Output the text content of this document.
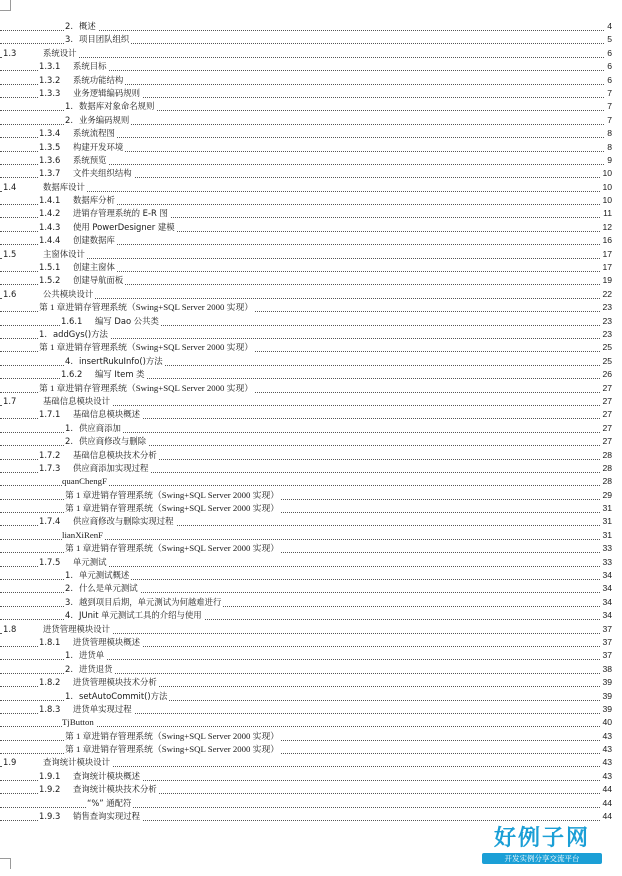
2. 概述	4
3. 项目团队组织	5
1.3	系统设计	6
1.3.1 系统目标	6
1.3.2 系统功能结构	6
1.3.3 业务逻辑编码规则	7
1. 数据库对象命名规则	7
2. 业务编码规则	7
1.3.4 系统流程图	8
1.3.5 构建开发环境	8
1.3.6 系统预览	9
1.3.7 文件夹组织结构	10
1.4	数据库设计	10
1.4.1 数据库分析	10
1.4.2 进销存管理系统的 E-R 图	11
1.4.3 使用 PowerDesigner 建模	12
1.4.4 创建数据库	16
1.5	主窗体设计	17
1.5.1 创建主窗体	17
1.5.2 创建导航面板	19
1.6	公共模块设计	22
第 1 章进销存管理系统（Swing+SQL Server 2000 实现）	23
1.6.1 编写 Dao 公共类	23
1. addGys()方法	23
第 1 章进销存管理系统（Swing+SQL Server 2000 实现）	25
4. insertRukuInfo()方法	25
1.6.2 编写 Item 类	26
第 1 章进销存管理系统（Swing+SQL Server 2000 实现）	27
1.7	基础信息模块设计	27
1.7.1 基础信息模块概述	27
1. 供应商添加	27
2. 供应商修改与删除	27
1.7.2 基础信息模块技术分析	28
1.7.3 供应商添加实现过程	28
quanChengF	28
第 1 章进销存管理系统（Swing+SQL Server 2000 实现）	29
第 1 章进销存管理系统（Swing+SQL Server 2000 实现）	31
1.7.4 供应商修改与删除实现过程	31
lianXiRenF	31
第 1 章进销存管理系统（Swing+SQL Server 2000 实现）	33
1.7.5 单元测试	33
1. 单元测试概述	34
2. 什么是单元测试	34
3. 越到项目后期，单元测试为何越难进行	34
4. JUnit 单元测试工具的介绍与使用	34
1.8	进货管理模块设计	37
1.8.1 进货管理模块概述	37
1. 进货单	37
2. 进货退货	38
1.8.2 进货管理模块技术分析	39
1. setAutoCommit()方法	39
1.8.3 进货单实现过程	39
TjButton	40
第 1 章进销存管理系统（Swing+SQL Server 2000 实现）	43
第 1 章进销存管理系统（Swing+SQL Server 2000 实现）	43
1.9	查询统计模块设计	43
1.9.1 查询统计模块概述	43
1.9.2 查询统计模块技术分析	44
“%” 通配符	44
1.9.3 销售查询实现过程	44
好例子网
开发实例分享交流平台
